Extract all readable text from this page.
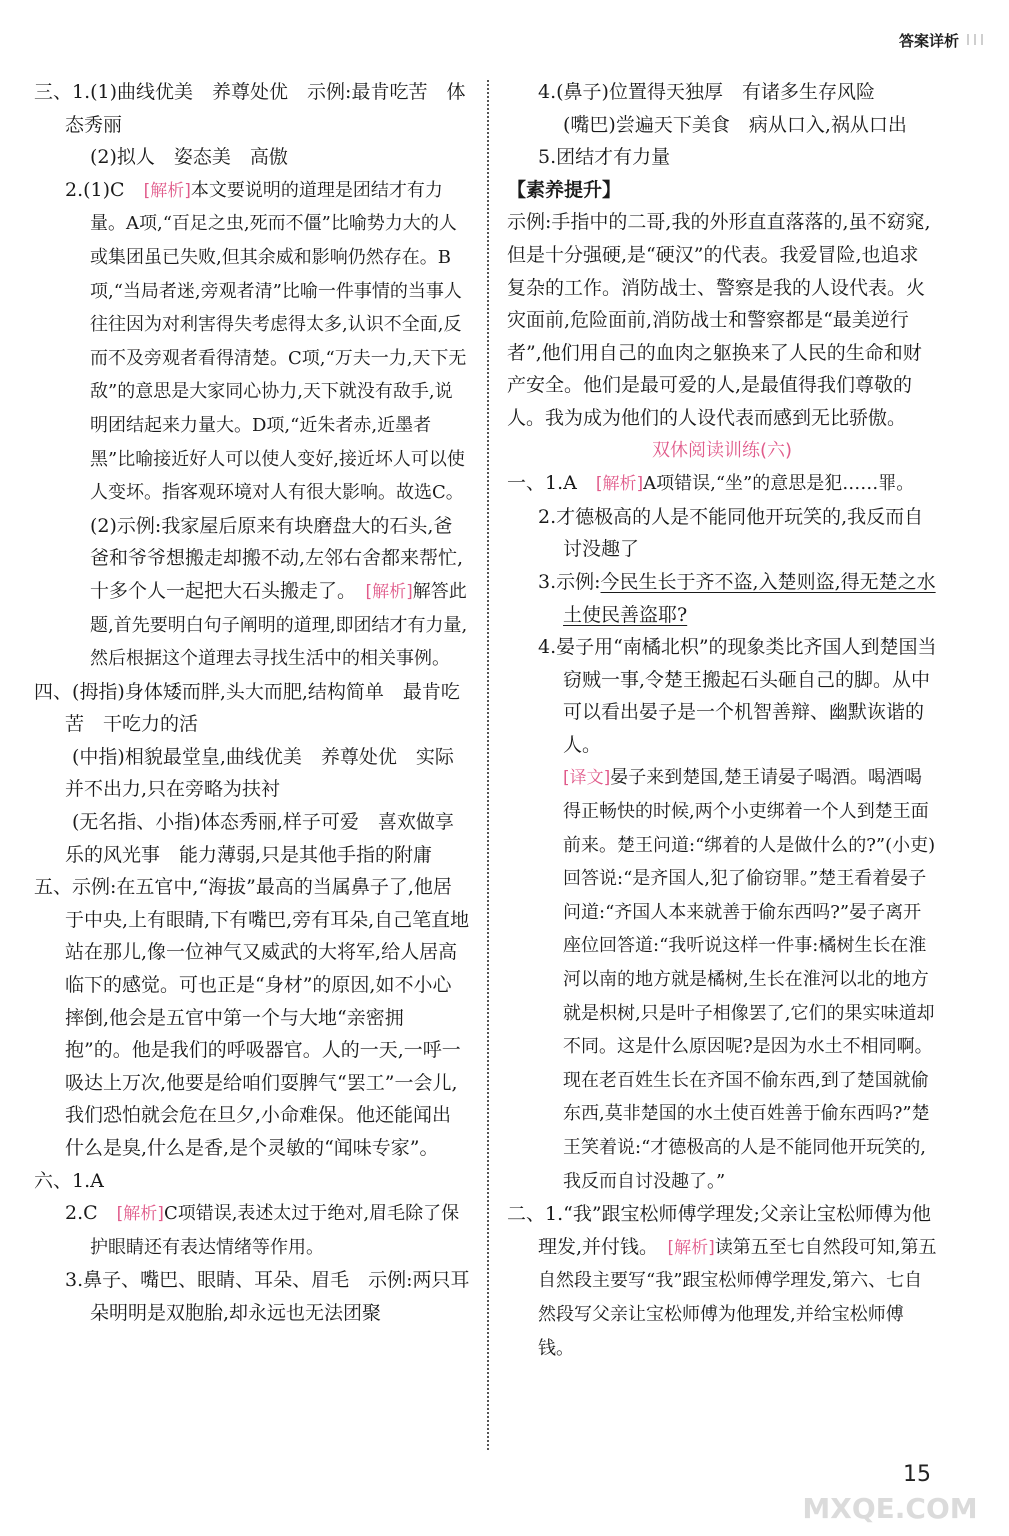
答案详析

三、1.(1)曲线优美　养尊处优　示例:最肯吃苦　体态秀丽

(2)拟人　姿态美　高傲

2.(1)C　[解析]本文要说明的道理是团结才有力量。A项,“百足之虫,死而不僵”比喻势力大的人或集团虽已失败,但其余威和影响仍然存在。B项,“当局者迷,旁观者清”比喻一件事情的当事人往往因为对利害得失考虑得太多,认识不全面,反而不及旁观者看得清楚。C项,“万夫一力,天下无敌”的意思是大家同心协力,天下就没有敌手,说明团结起来力量大。D项,“近朱者赤,近墨者黑”比喻接近好人可以使人变好,接近坏人可以使人变坏。指客观环境对人有很大影响。故选C。

(2)示例:我家屋后原来有块磨盘大的石头,爸爸和爷爷想搬走却搬不动,左邻右舍都来帮忙,十多个人一起把大石头搬走了。　[解析]解答此题,首先要明白句子阐明的道理,即团结才有力量,然后根据这个道理去寻找生活中的相关事例。

四、(拇指)身体矮而胖,头大而肥,结构简单　最肯吃苦　干吃力的活

　　(中指)相貌最堂皇,曲线优美　养尊处优　实际并不出力,只在旁略为扶衬

　　(无名指、小指)体态秀丽,样子可爱　喜欢做享乐的风光事　能力薄弱,只是其他手指的附庸

五、示例:在五官中,“海拔”最高的当属鼻子了,他居于中央,上有眼睛,下有嘴巴,旁有耳朵,自己笔直地站在那儿,像一位神气又威武的大将军,给人居高临下的感觉。可也正是“身材”的原因,如不小心摔倒,他会是五官中第一个与大地“亲密拥抱”的。他是我们的呼吸器官。人的一天,一呼一吸达上万次,他要是给咱们耍脾气“罢工”一会儿,我们恐怕就会危在旦夕,小命难保。他还能闻出什么是臭,什么是香,是个灵敏的“闻味专家”。

六、1.A

2.C　[解析]C项错误,表述太过于绝对,眉毛除了保护眼睛还有表达情绪等作用。

3.鼻子、嘴巴、眼睛、耳朵、眉毛　示例:两只耳朵明明是双胞胎,却永远也无法团聚

4.(鼻子)位置得天独厚　有诸多生存风险

(嘴巴)尝遍天下美食　病从口入,祸从口出

5.团结才有力量

【素养提升】

示例:手指中的二哥,我的外形直直落落的,虽不窈窕,但是十分强硬,是“硬汉”的代表。我爱冒险,也追求复杂的工作。消防战士、警察是我的人设代表。火灾面前,危险面前,消防战士和警察都是“最美逆行者”,他们用自己的血肉之躯换来了人民的生命和财产安全。他们是最可爱的人,是最值得我们尊敬的人。我为成为他们的人设代表而感到无比骄傲。

双休阅读训练(六)

一、1.A　[解析]A项错误,“坐”的意思是犯……罪。

2.才德极高的人是不能同他开玩笑的,我反而自讨没趣了

3.示例:今民生长于齐不盗,入楚则盗,得无楚之水土使民善盗耶?

4.晏子用“南橘北枳”的现象类比齐国人到楚国当窃贼一事,令楚王搬起石头砸自己的脚。从中可以看出晏子是一个机智善辩、幽默诙谐的人。

[译文]晏子来到楚国,楚王请晏子喝酒。喝酒喝得正畅快的时候,两个小吏绑着一个人到楚王面前来。楚王问道:“绑着的人是做什么的?”(小吏)回答说:“是齐国人,犯了偷窃罪。”楚王看着晏子问道:“齐国人本来就善于偷东西吗?”晏子离开座位回答道:“我听说这样一件事:橘树生长在淮河以南的地方就是橘树,生长在淮河以北的地方就是枳树,只是叶子相像罢了,它们的果实味道却不同。这是什么原因呢?是因为水土不相同啊。现在老百姓生长在齐国不偷东西,到了楚国就偷东西,莫非楚国的水土使百姓善于偷东西吗?”楚王笑着说:“才德极高的人是不能同他开玩笑的,我反而自讨没趣了。”

二、1.“我”跟宝松师傅学理发;父亲让宝松师傅为他理发,并付钱。　[解析]读第五至七自然段可知,第五自然段主要写“我”跟宝松师傅学理发,第六、七自然段写父亲让宝松师傅为他理发,并给宝松师傅钱。

15
MXQE.COM
